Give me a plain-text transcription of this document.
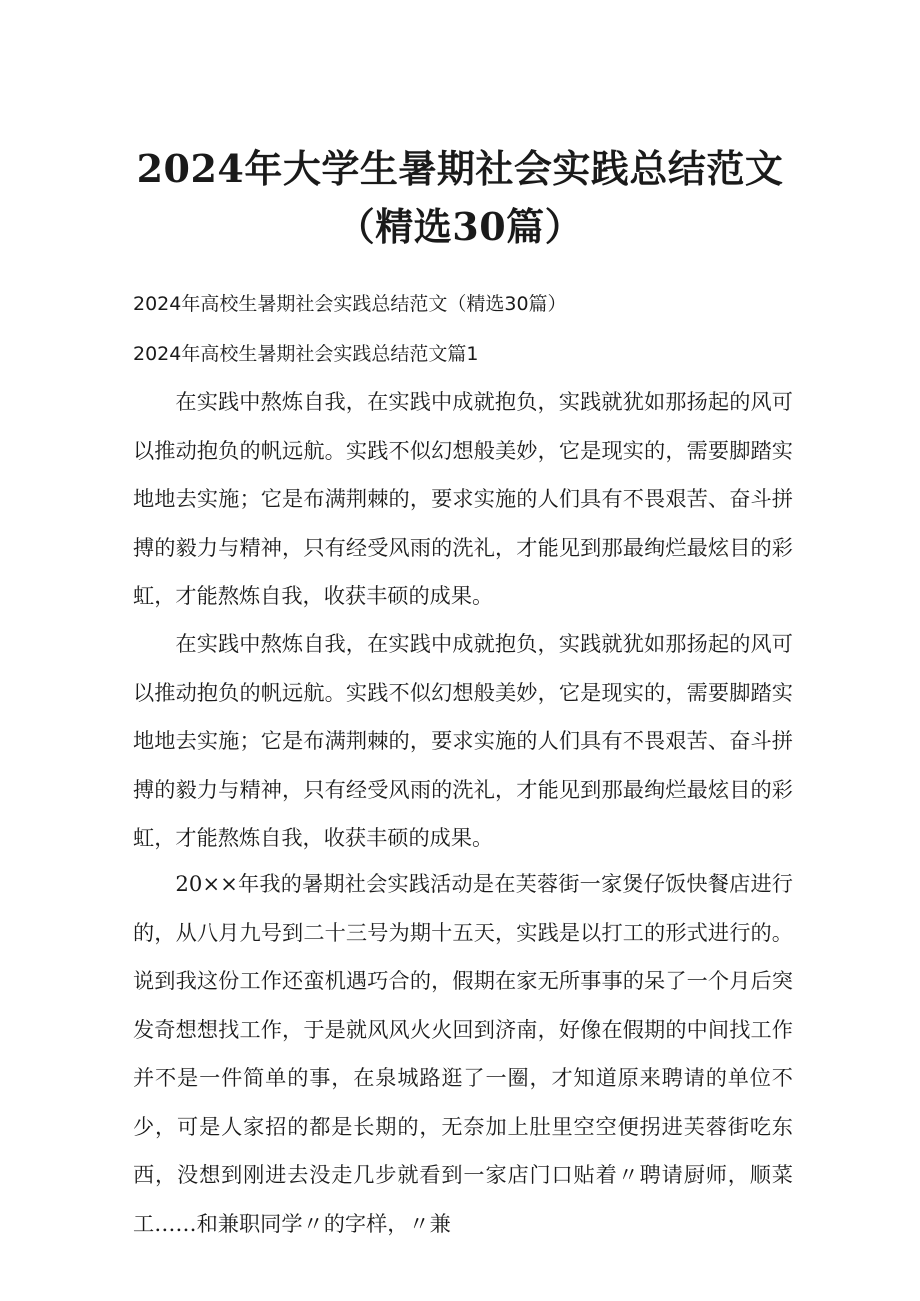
2024年大学生暑期社会实践总结范文（精选30篇）

2024年高校生暑期社会实践总结范文（精选30篇）

2024年高校生暑期社会实践总结范文篇1

在实践中熬炼自我，在实践中成就抱负，实践就犹如那扬起的风可以推动抱负的帆远航。实践不似幻想般美妙，它是现实的，需要脚踏实地地去实施；它是布满荆棘的，要求实施的人们具有不畏艰苦、奋斗拼搏的毅力与精神，只有经受风雨的洗礼，才能见到那最绚烂最炫目的彩虹，才能熬炼自我，收获丰硕的成果。

在实践中熬炼自我，在实践中成就抱负，实践就犹如那扬起的风可以推动抱负的帆远航。实践不似幻想般美妙，它是现实的，需要脚踏实地地去实施；它是布满荆棘的，要求实施的人们具有不畏艰苦、奋斗拼搏的毅力与精神，只有经受风雨的洗礼，才能见到那最绚烂最炫目的彩虹，才能熬炼自我，收获丰硕的成果。

20××年我的暑期社会实践活动是在芙蓉街一家煲仔饭快餐店进行的，从八月九号到二十三号为期十五天，实践是以打工的形式进行的。说到我这份工作还蛮机遇巧合的，假期在家无所事事的呆了一个月后突发奇想想找工作，于是就风风火火回到济南，好像在假期的中间找工作并不是一件简单的事，在泉城路逛了一圈，才知道原来聘请的单位不少，可是人家招的都是长期的，无奈加上肚里空空便拐进芙蓉街吃东西，没想到刚进去没走几步就看到一家店门口贴着〃聘请厨师，顺菜工……和兼职同学〃的字样，〃兼
